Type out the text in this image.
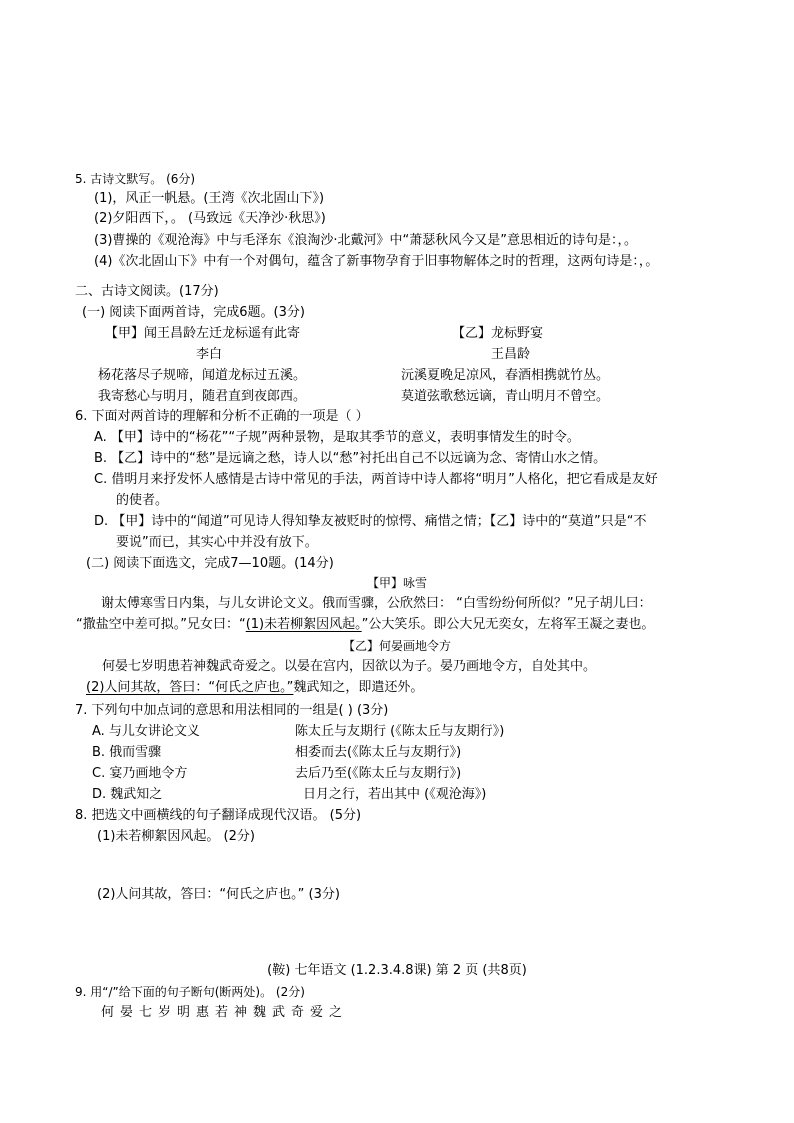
5. 古诗文默写。 (6分)
(1)，风正一帆悬。(王湾《次北固山下》)
(2)夕阳西下，。 (马致远《天净沙·秋思》)
(3)曹操的《观沧海》中与毛泽东《浪淘沙·北戴河》中“萧瑟秋风今又是”意思相近的诗句是：，。
(4)《次北固山下》中有一个对偶句，蕴含了新事物孕育于旧事物解体之时的哲理，这两句诗是：，。
二、古诗文阅读。(17分)
(一) 阅读下面两首诗，完成6题。(3分)
【甲】闻王昌龄左迁龙标遥有此寄
李白
杨花落尽子规啼，闻道龙标过五溪。
我寄愁心与明月，随君直到夜郎西。
【乙】龙标野宴
王昌龄
沅溪夏晚足凉风，春酒相携就竹丛。
莫道弦歌愁远谪，青山明月不曾空。
6. 下面对两首诗的理解和分析不正确的一项是（ ）
A. 【甲】诗中的“杨花”“子规”两种景物，是取其季节的意义，表明事情发生的时令。
B. 【乙】诗中的“愁”是远谪之愁，诗人以“愁”衬托出自己不以远谪为念、寄情山水之情。
C. 借明月来抒发怀人感情是古诗中常见的手法，两首诗中诗人都将“明月”人格化，把它看成是友好
的使者。
D. 【甲】诗中的“闻道”可见诗人得知挚友被贬时的惊愕、痛惜之情；【乙】诗中的“莫道”只是“不
要说”而已，其实心中并没有放下。
(二) 阅读下面选文，完成7—10题。(14分)
【甲】咏雪
谢太傅寒雪日内集，与儿女讲论文义。俄而雪骤，公欣然曰： “白雪纷纷何所似？”兄子胡儿曰：
“撒盐空中差可拟。”兄女曰：“(1)未若柳絮因风起。”公大笑乐。即公大兄无奕女，左将军王凝之妻也。
【乙】何晏画地令方
何晏七岁明患若神魏武奇爱之。以晏在宫内，因欲以为子。晏乃画地令方，自处其中。
(2)人问其故，答曰：“何氏之庐也。”魏武知之，即遣还外。
7. 下列句中加点词的意思和用法相同的一组是( ) (3分)
A. 与儿女讲论文义	陈太丘与友期行 (《陈太丘与友期行》)
B. 俄而雪骤	相委而去(《陈太丘与友期行》)
C. 宴乃画地令方	去后乃至(《陈太丘与友期行》)
D. 魏武知之	日月之行，若出其中 (《观沧海》)
8. 把选文中画横线的句子翻译成现代汉语。 (5分)
(1)未若柳絮因风起。 (2分)
(2)人问其故，答曰：“何氏之庐也。” (3分)
(鞍) 七年语文 (1.2.3.4.8课) 第 2 页 (共8页)
9. 用“/”给下面的句子断句(断两处)。 (2分)
何晏七岁明惠若神魏武奇爱之
